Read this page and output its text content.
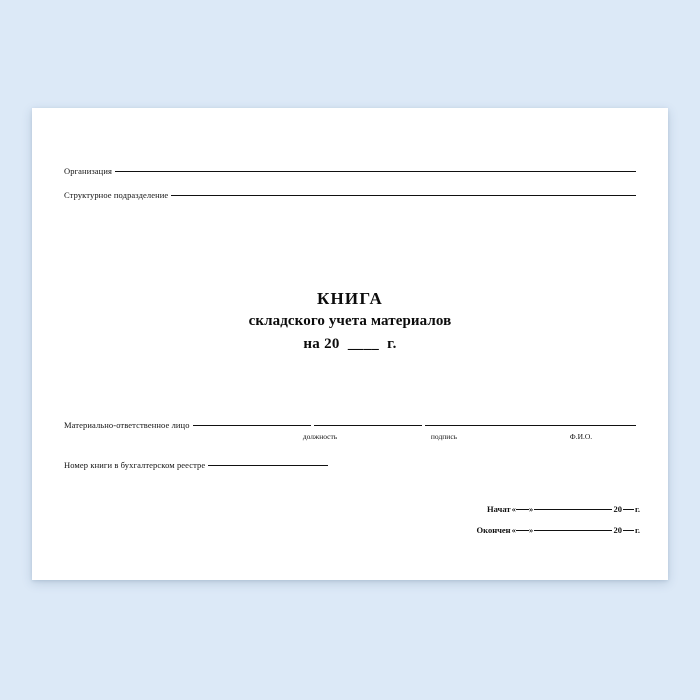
Организация
Структурное подразделение
КНИГА
складского учета материалов
на 20  ____  г.
Материально-ответственное лицо
должность	подпись	Ф.И.О.
Номер книги в бухгалтерском реестре
Начат « »	20 г.
Окончен « »	20 г.
